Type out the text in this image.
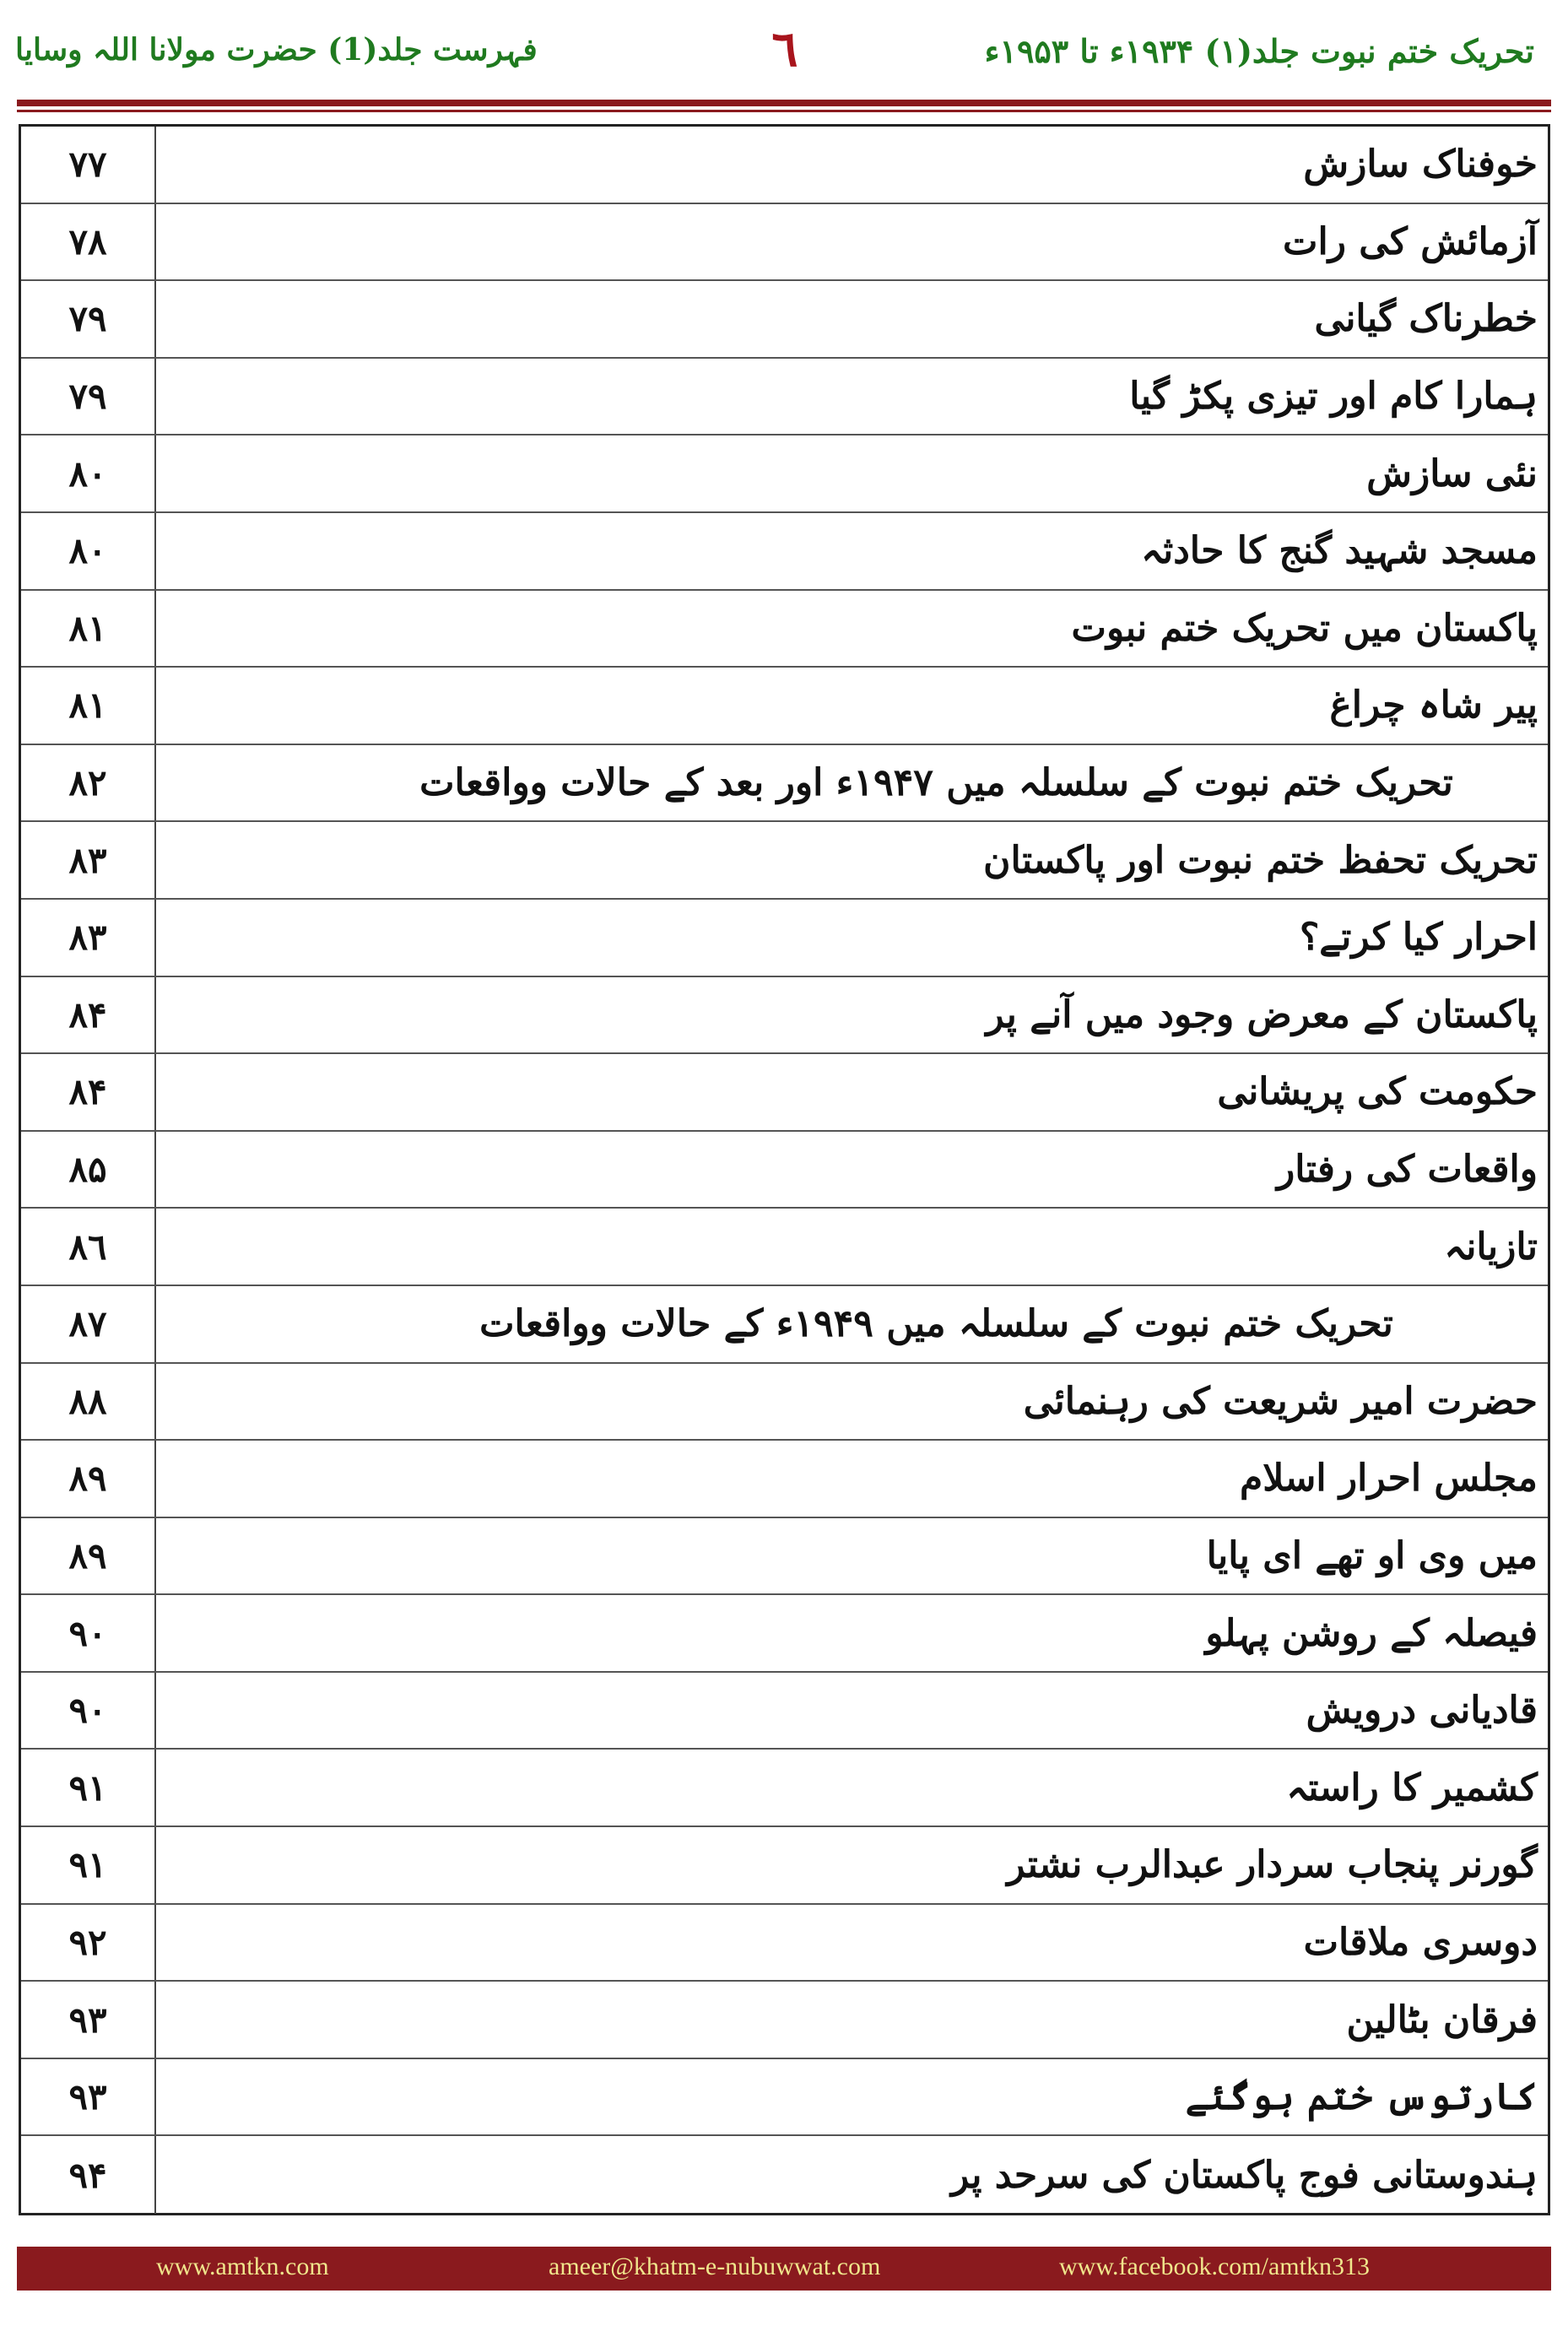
تحریک ختم نبوت جلد(۱) ۱۹۳۴ء تا ۱۹۵۳ء
٦
فہرست جلد(1) حضرت مولانا اللہ وسایا
۷۷	خوفناک سازش
۷۸	آزمائش کی رات
۷۹	خطرناک گیانی
۷۹	ہمارا کام اور تیزی پکڑ گیا
۸۰	نئی سازش
۸۰	مسجد شہید گنج کا حادثہ
۸۱	پاکستان میں تحریک ختم نبوت
۸۱	پیر شاہ چراغ
۸۲	تحریک ختم نبوت کے سلسلہ میں ۱۹۴۷ء اور بعد کے حالات وواقعات
۸۳	تحریک تحفظ ختم نبوت اور پاکستان
۸۳	احرار کیا کرتے؟
۸۴	پاکستان کے معرض وجود میں آنے پر
۸۴	حکومت کی پریشانی
۸۵	واقعات کی رفتار
۸٦	تازیانہ
۸۷	تحریک ختم نبوت کے سلسلہ میں ۱۹۴۹ء کے حالات وواقعات
۸۸	حضرت امیر شریعت کی رہنمائی
۸۹	مجلس احرار اسلام
۸۹	میں وی او تھے ای پایا
۹۰	فیصلہ کے روشن پہلو
۹۰	قادیانی درویش
۹۱	کشمیر کا راستہ
۹۱	گورنر پنجاب سردار عبدالرب نشتر
۹۲	دوسری ملاقات
۹۳	فرقان بٹالین
۹۳	کارتوس ختم ہوگئے
۹۴	ہندوستانی فوج پاکستان کی سرحد پر
www.amtkn.com	ameer@khatm-e-nubuwwat.com	www.facebook.com/amtkn313
